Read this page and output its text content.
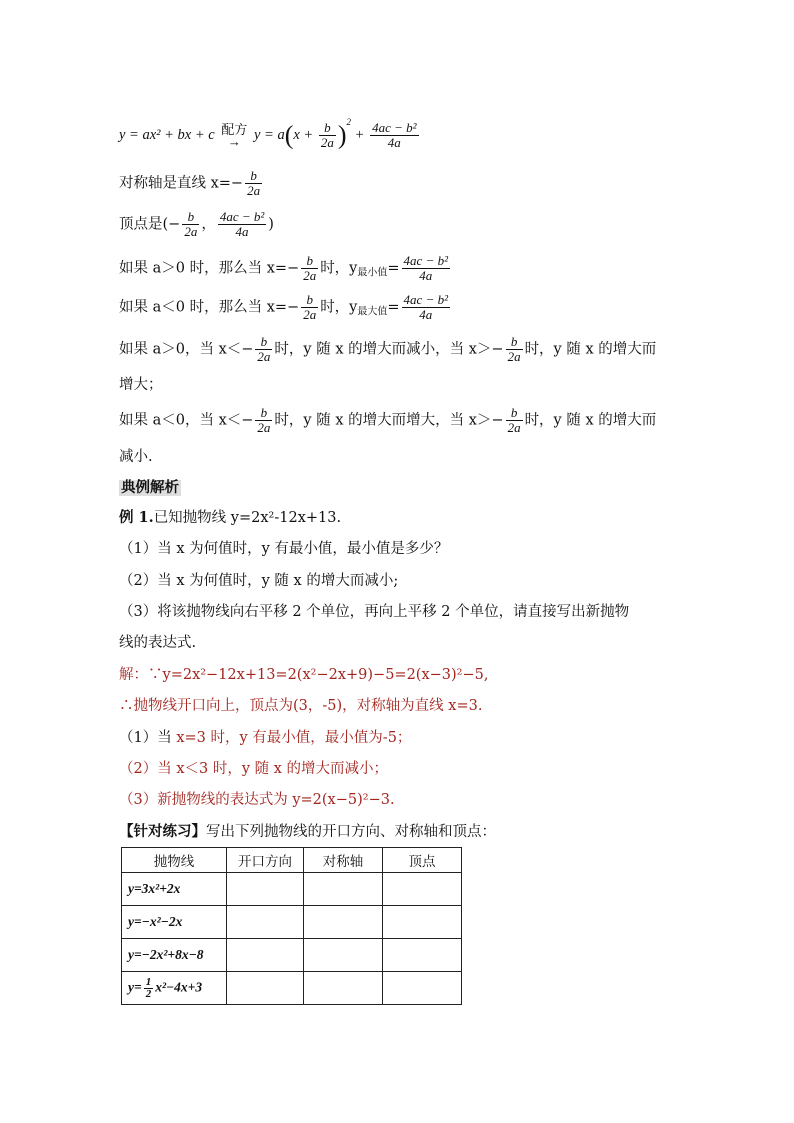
y = ax² + bx + c 配方
→ $y = a(x + \frac{b}{2a} )^2 + \frac{\text{4ac − b²}}{4a}$
对称轴是直线 $x=- \frac{b}{2a}$
顶点是(− $\frac{b}{2a}$ ， $\frac{\text{4ac − b²}}{4a}$ )
如果 a＞0 时，那么当 $x=- \frac{b}{2a}$ 时，$y_{最小值}= \frac{\text{4ac − b²}}{4a}$
如果 a＜0 时，那么当 $x=- \frac{b}{2a}$ 时，$y_{最大值}= \frac{\text{4ac − b²}}{4a}$
如果 a＞0，当 $x<- \frac{b}{2a}$ 时，y 随 x 的增大而减小，当 $x>- \frac{b}{2a}$ 时，y 随 x 的增大而
增大；
如果 a＜0，当 $x<- \frac{b}{2a}$ 时，y 随 x 的增大而增大，当 $x>- \frac{b}{2a}$ 时，y 随 x 的增大而
减小.
典例解析
例 1.已知抛物线 y=2x²-12x+13.
（1）当 x 为何值时，y 有最小值，最小值是多少？
（2）当 x 为何值时，y 随 x 的增大而减小;
（3）将该抛物线向右平移 2 个单位，再向上平移 2 个单位，请直接写出新抛物
线的表达式.
解：∵y=2x²−12x+13=2(x²−2x+9)−5=2(x−3)²−5,
∴抛物线开口向上，顶点为(3，-5)，对称轴为直线 x=3.
（1）当 x=3 时，y 有最小值，最小值为-5；
（2）当 x＜3 时，y 随 x 的增大而减小；
（3）新抛物线的表达式为 y=2(x−5)²−3.
【针对练习】写出下列抛物线的开口方向、对称轴和顶点：
抛物线	开口方向	对称轴	顶点
y=3x²+2x			
y=−x²−2x			
y=−2x²+8x−8			
$y= \frac{1}{2} x^2-4x+3$			
